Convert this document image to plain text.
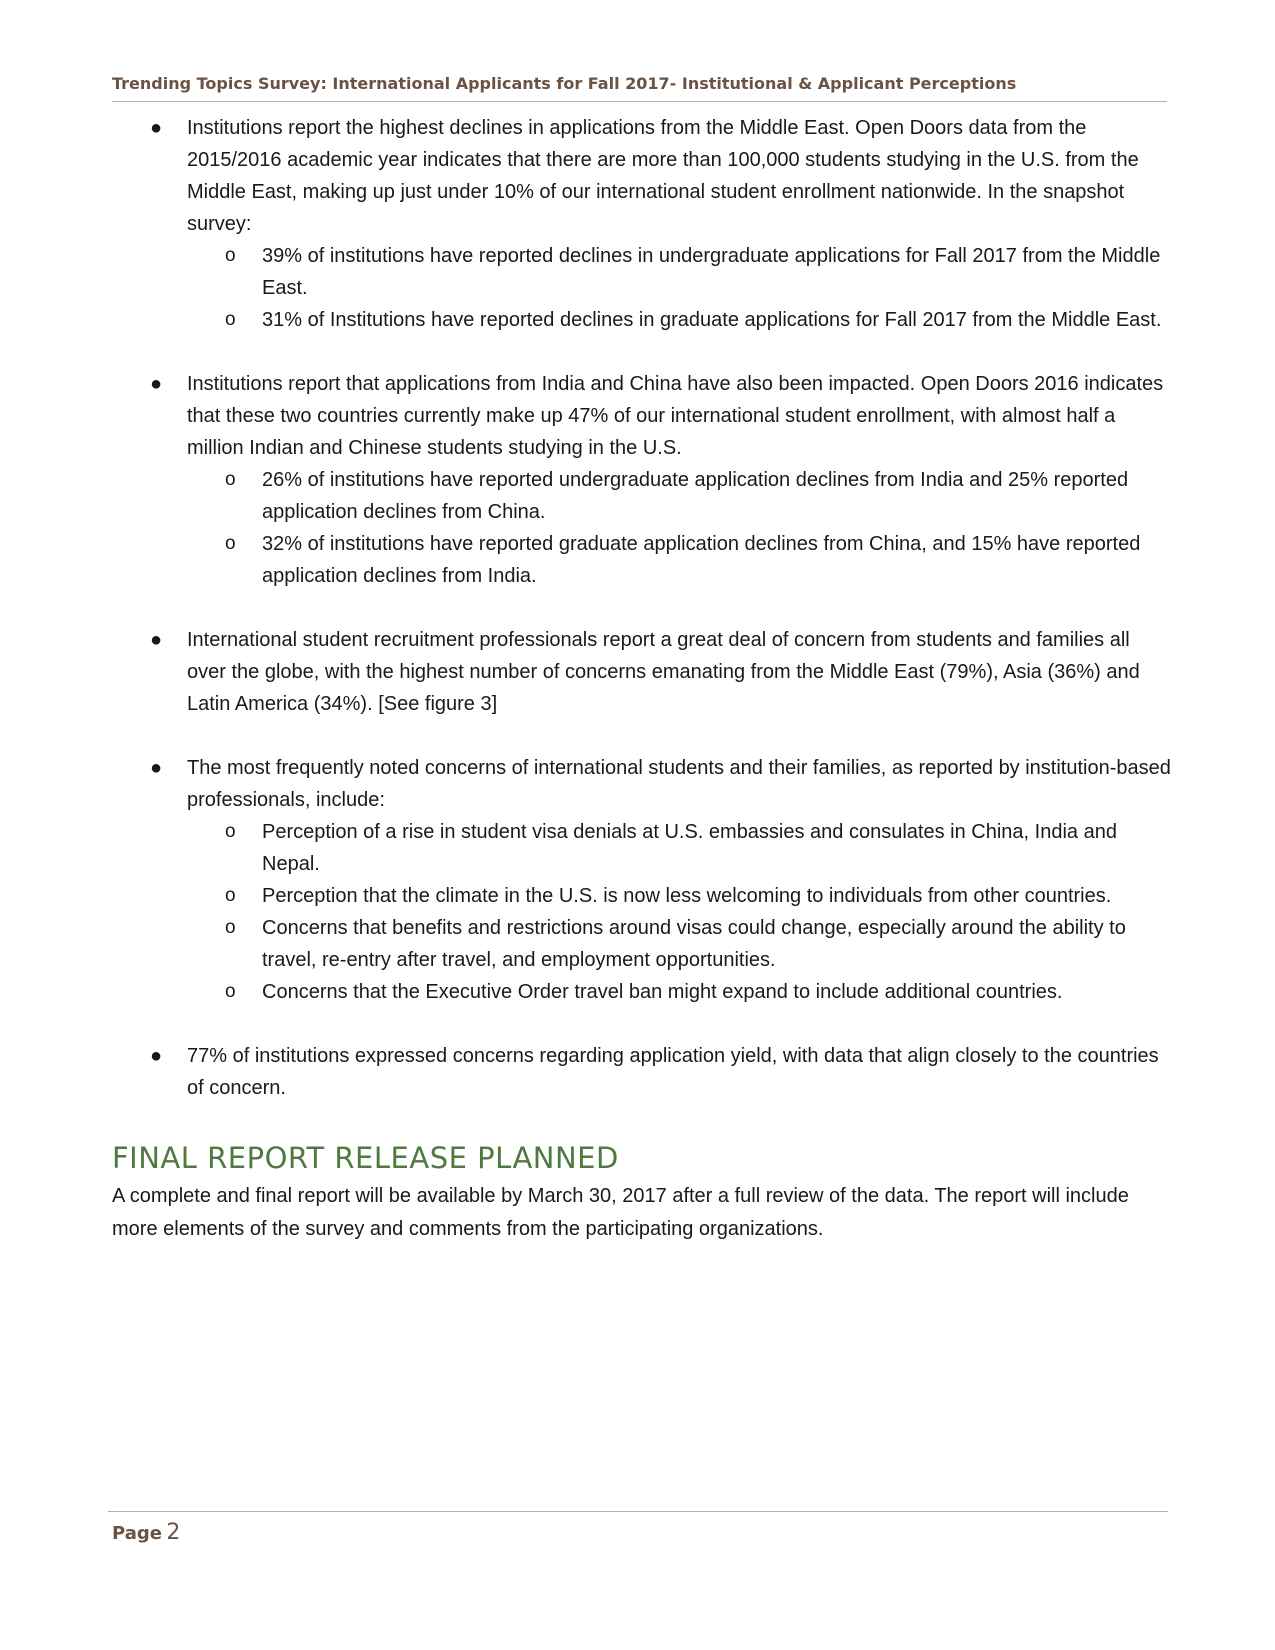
Trending Topics Survey: International Applicants for Fall 2017- Institutional & Applicant Perceptions
● Institutions report the highest declines in applications from the Middle East. Open Doors data from the 2015/2016 academic year indicates that there are more than 100,000 students studying in the U.S. from the Middle East, making up just under 10% of our international student enrollment nationwide. In the snapshot survey:

o 39% of institutions have reported declines in undergraduate applications for Fall 2017 from the Middle East.

o 31% of Institutions have reported declines in graduate applications for Fall 2017 from the Middle East.

● Institutions report that applications from India and China have also been impacted. Open Doors 2016 indicates that these two countries currently make up 47% of our international student enrollment, with almost half a million Indian and Chinese students studying in the U.S.

o 26% of institutions have reported undergraduate application declines from India and 25% reported application declines from China.

o 32% of institutions have reported graduate application declines from China, and 15% have reported application declines from India.

● International student recruitment professionals report a great deal of concern from students and families all over the globe, with the highest number of concerns emanating from the Middle East (79%), Asia (36%) and Latin America (34%). [See figure 3]

● The most frequently noted concerns of international students and their families, as reported by institution-based professionals, include:

o Perception of a rise in student visa denials at U.S. embassies and consulates in China, India and Nepal.

o Perception that the climate in the U.S. is now less welcoming to individuals from other countries.

o Concerns that benefits and restrictions around visas could change, especially around the ability to travel, re-entry after travel, and employment opportunities.

o Concerns that the Executive Order travel ban might expand to include additional countries.

● 77% of institutions expressed concerns regarding application yield, with data that align closely to the countries of concern.

FINAL REPORT RELEASE PLANNED

A complete and final report will be available by March 30, 2017 after a full review of the data. The report will include more elements of the survey and comments from the participating organizations.

Page 2
